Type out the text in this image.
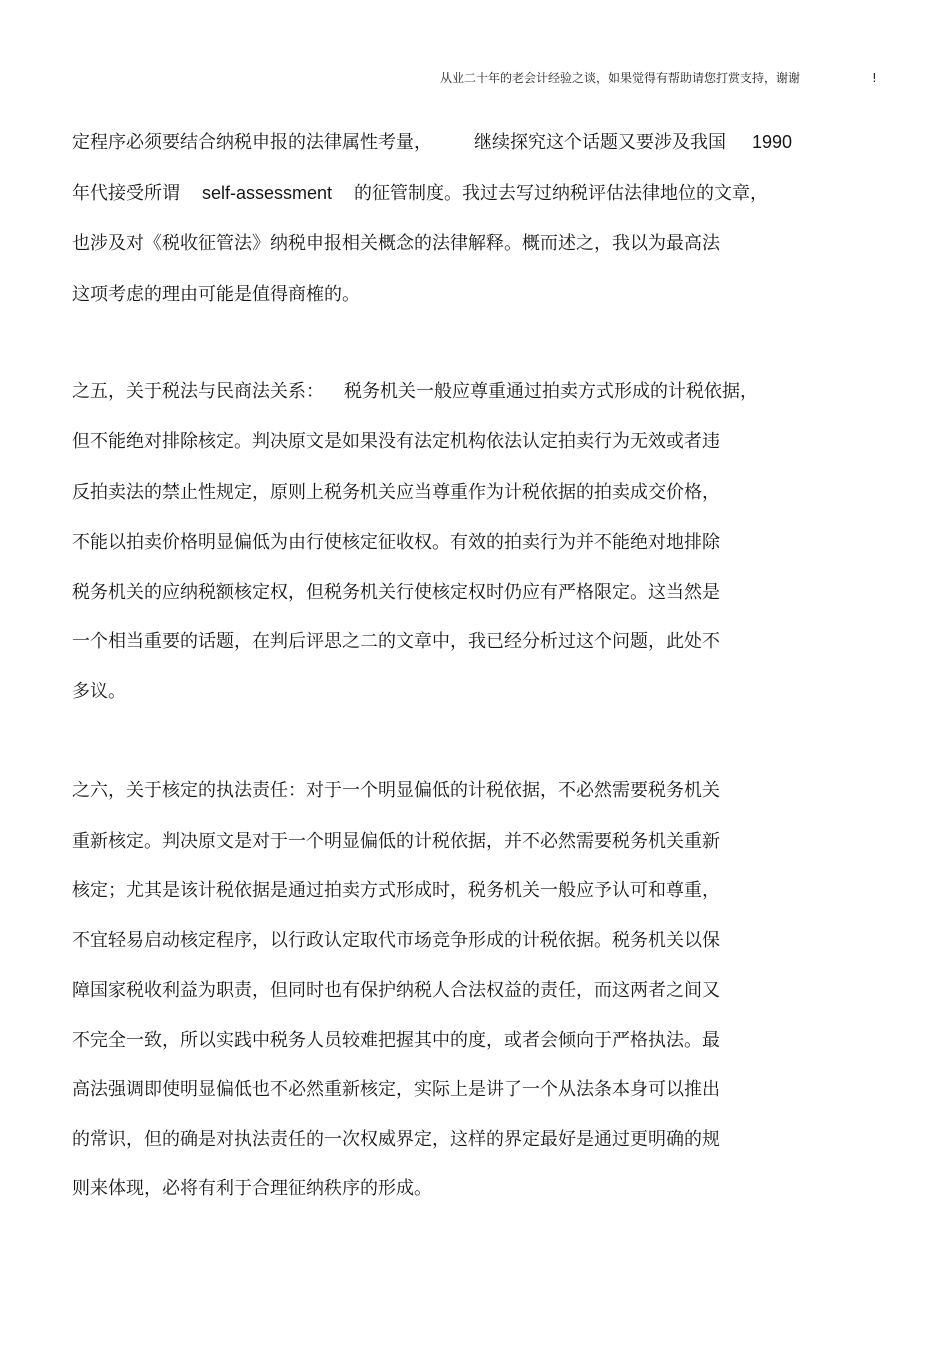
从业二十年的老会计经验之谈，如果觉得有帮助请您打赏支持，谢谢	!
定程序必须要结合纳税申报的法律属性考量， 继续探究这个话题又要涉及我国 1990
年代接受所谓 self-assessment 的征管制度。我过去写过纳税评估法律地位的文章，
也涉及对《税收征管法》纳税申报相关概念的法律解释。概而述之，我以为最高法
这项考虑的理由可能是值得商榷的。
之五，关于税法与民商法关系： 税务机关一般应尊重通过拍卖方式形成的计税依据，
但不能绝对排除核定。判决原文是如果没有法定机构依法认定拍卖行为无效或者违
反拍卖法的禁止性规定，原则上税务机关应当尊重作为计税依据的拍卖成交价格，
不能以拍卖价格明显偏低为由行使核定征收权。有效的拍卖行为并不能绝对地排除
税务机关的应纳税额核定权，但税务机关行使核定权时仍应有严格限定。这当然是
一个相当重要的话题，在判后评思之二的文章中，我已经分析过这个问题，此处不
多议。
之六，关于核定的执法责任：对于一个明显偏低的计税依据，不必然需要税务机关
重新核定。判决原文是对于一个明显偏低的计税依据，并不必然需要税务机关重新
核定；尤其是该计税依据是通过拍卖方式形成时，税务机关一般应予认可和尊重，
不宜轻易启动核定程序，以行政认定取代市场竞争形成的计税依据。税务机关以保
障国家税收利益为职责，但同时也有保护纳税人合法权益的责任，而这两者之间又
不完全一致，所以实践中税务人员较难把握其中的度，或者会倾向于严格执法。最
高法强调即使明显偏低也不必然重新核定，实际上是讲了一个从法条本身可以推出
的常识，但的确是对执法责任的一次权威界定，这样的界定最好是通过更明确的规
则来体现，必将有利于合理征纳秩序的形成。
